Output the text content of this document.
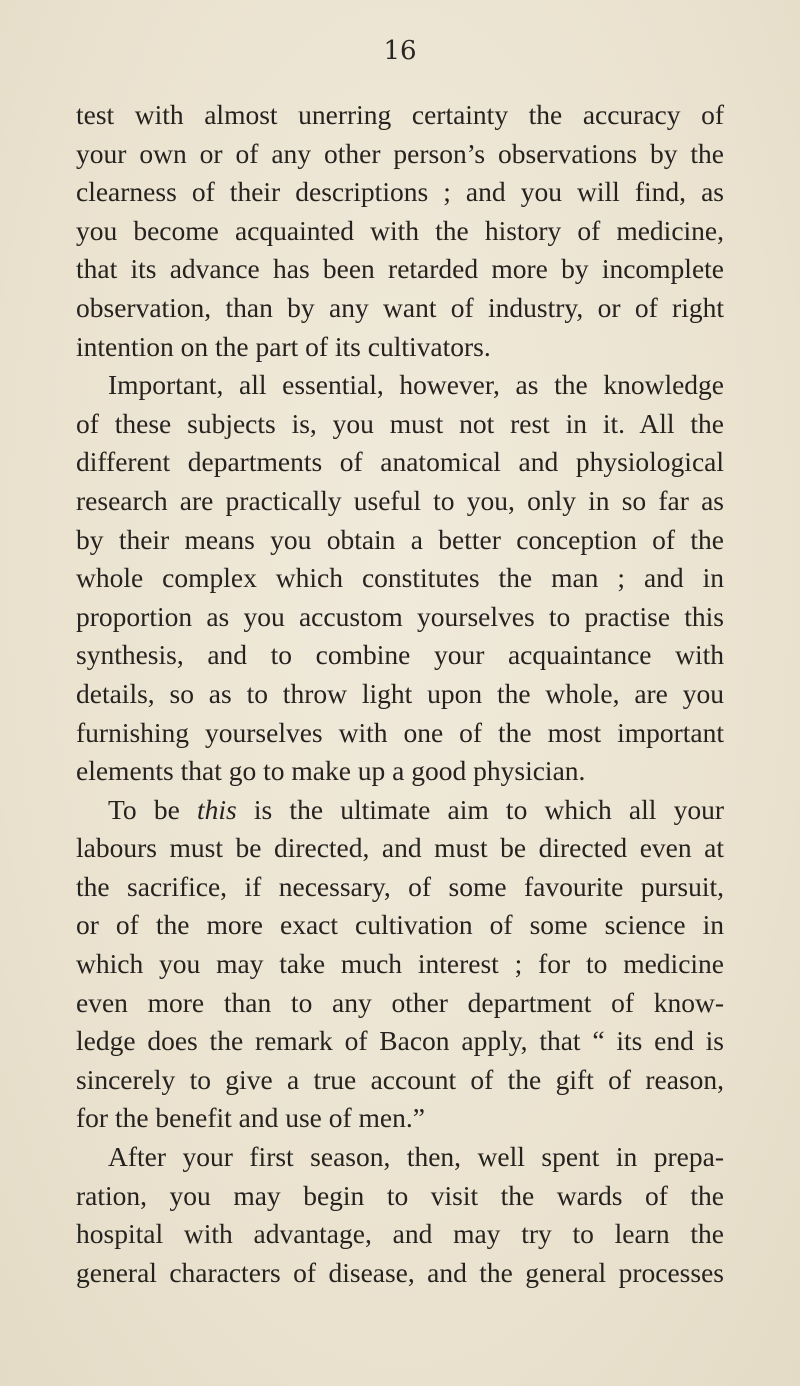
16
test with almost unerring certainty the accuracy of
your own or of any other person’s observations by the
clearness of their descriptions ; and you will find, as
you become acquainted with the history of medicine,
that its advance has been retarded more by incomplete
observation, than by any want of industry, or of right
intention on the part of its cultivators.
Important, all essential, however, as the knowledge
of these subjects is, you must not rest in it. All the
different departments of anatomical and physiological
research are practically useful to you, only in so far as
by their means you obtain a better conception of the
whole complex which constitutes the man ; and in
proportion as you accustom yourselves to practise this
synthesis, and to combine your acquaintance with
details, so as to throw light upon the whole, are you
furnishing yourselves with one of the most important
elements that go to make up a good physician.
To be this is the ultimate aim to which all your
labours must be directed, and must be directed even at
the sacrifice, if necessary, of some favourite pursuit,
or of the more exact cultivation of some science in
which you may take much interest ; for to medicine
even more than to any other department of know-
ledge does the remark of Bacon apply, that “ its end is
sincerely to give a true account of the gift of reason,
for the benefit and use of men.”
After your first season, then, well spent in prepa-
ration, you may begin to visit the wards of the
hospital with advantage, and may try to learn the
general characters of disease, and the general processes
